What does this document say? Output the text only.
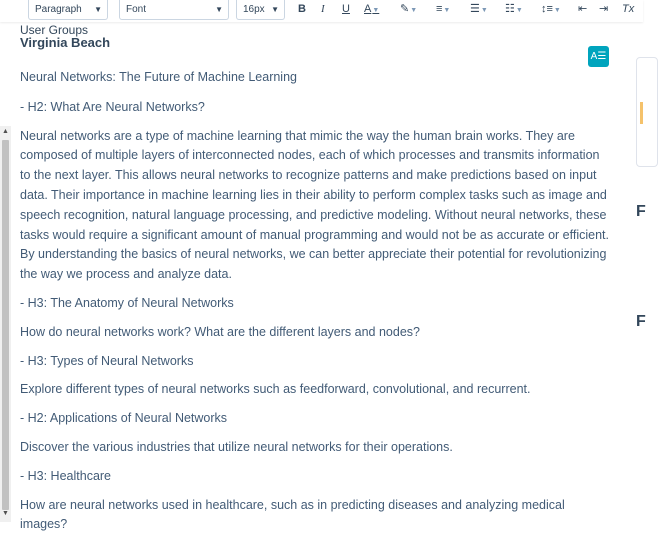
Paragraph ▼	Font	▼	16px ▼ B I U A▼ ✎▼ ≡▼ ☰▼ ☷▼ ↕≡▼ ⇤ ⇥ Tx
▲
▼
User Groups
Virginia Beach
A☰

Neural Networks: The Future of Machine Learning

- H2: What Are Neural Networks?

Neural networks are a type of machine learning that mimic the way the human brain works. They are composed of multiple layers of interconnected nodes, each of which processes and transmits information to the next layer. This allows neural networks to recognize patterns and make predictions based on input data. Their importance in machine learning lies in their ability to perform complex tasks such as image and speech recognition, natural language processing, and predictive modeling. Without neural networks, these tasks would require a significant amount of manual programming and would not be as accurate or efficient. By understanding the basics of neural networks, we can better appreciate their potential for revolutionizing the way we process and analyze data.

- H3: The Anatomy of Neural Networks

How do neural networks work? What are the different layers and nodes?

- H3: Types of Neural Networks

Explore different types of neural networks such as feedforward, convolutional, and recurrent.

- H2: Applications of Neural Networks

Discover the various industries that utilize neural networks for their operations.

- H3: Healthcare

How are neural networks used in healthcare, such as in predicting diseases and analyzing medical images?

F
F
